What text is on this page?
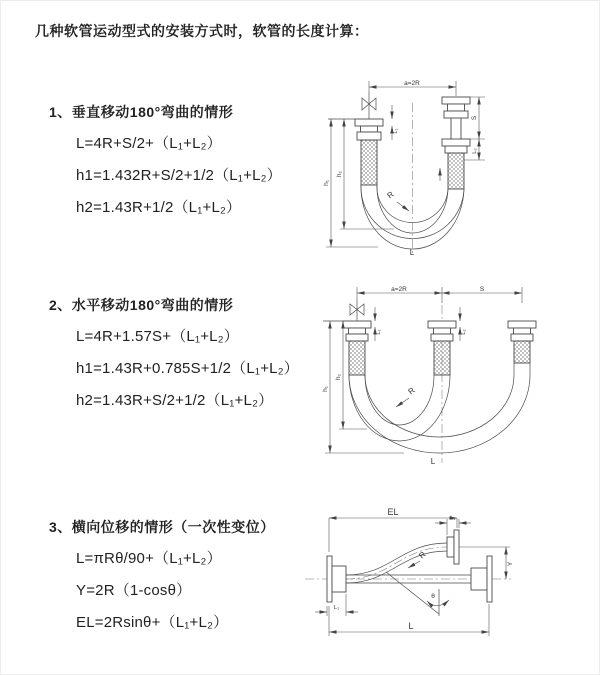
几种软管运动型式的安装方式时，软管的长度计算：
1、垂直移动180°弯曲的情形
L=4R+S/2+（L₁+L₂）
h1=1.432R+S/2+1/2（L₁+L₂）
h2=1.43R+1/2（L₁+L₂）
2、水平移动180°弯曲的情形
L=4R+1.57S+（L₁+L₂）
h1=1.43R+0.785S+1/2（L₁+L₂）
h2=1.43R+S/2+1/2（L₁+L₂）
3、横向位移的情形（一次性变位）
L=πRθ/90+（L₁+L₂）
Y=2R（1-cosθ）
EL=2Rsinθ+（L₁+L₂）
a=2R
h₂
h₁
L₁
S
L₂
R
L
a=2R	S
L₁	L₂
h₂
h₁	R
L
EL
L₂
Y
L₁
L
R
θ
